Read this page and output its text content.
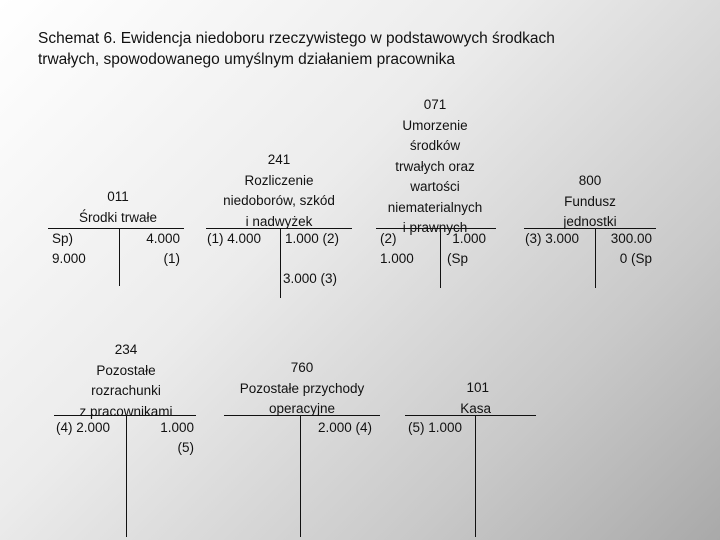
Schemat 6. Ewidencja niedoboru rzeczywistego w podstawowych środkach
trwałych, spowodowanego umyślnym działaniem pracownika
011
Środki trwałe
Sp)
9.000
4.000
(1)
241
Rozliczenie
niedoborów, szkód
i nadwyżek
(1) 4.000 1.000 (2)
3.000 (3)
071
Umorzenie
środków
trwałych oraz
wartości
niematerialnych
i prawnych
(2)
1.000
1.000
(Sp
800
Fundusz
jednostki
(3) 3.000 300.00
0 (Sp
234
Pozostałe
rozrachunki
z pracownikami
(4) 2.000	1.000
(5)
760
Pozostałe przychody
operacyjne
2.000 (4)
101
Kasa
(5) 1.000
